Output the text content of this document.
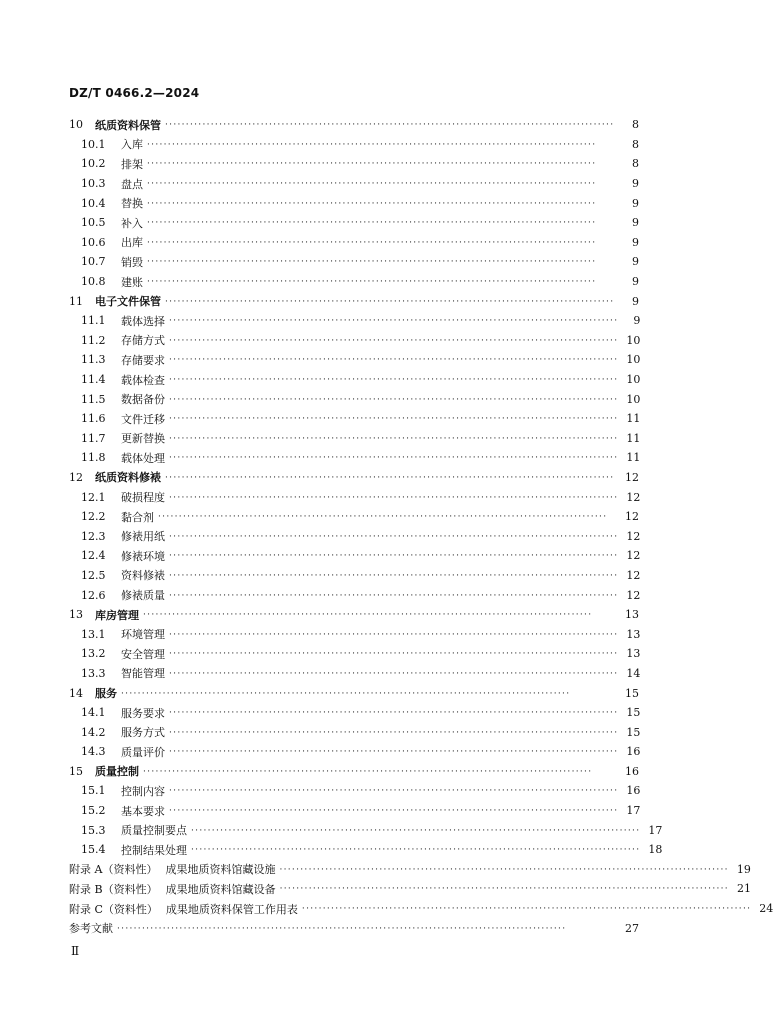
DZ/T 0466.2—2024
10	纸质资料保管 ············································································································	8
10.1	入库 ············································································································	8
10.2	排架 ············································································································	8
10.3	盘点 ············································································································	9
10.4	替换 ············································································································	9
10.5	补入 ············································································································	9
10.6	出库 ············································································································	9
10.7	销毁 ············································································································	9
10.8	建账 ············································································································	9
11	电子文件保管 ············································································································	9
11.1	载体选择 ············································································································	9
11.2	存储方式 ············································································································ 10
11.3	存储要求 ············································································································ 10
11.4	载体检查 ············································································································ 10
11.5	数据备份 ············································································································ 10
11.6	文件迁移 ············································································································ 11
11.7	更新替换 ············································································································ 11
11.8	载体处理 ············································································································ 11
12	纸质资料修裱 ············································································································ 12
12.1	破损程度 ············································································································ 12
12.2	黏合剂 ············································································································	12
12.3	修裱用纸 ············································································································ 12
12.4	修裱环境 ············································································································ 12
12.5	资料修裱 ············································································································ 12
12.6	修裱质量 ············································································································ 12
13	库房管理 ············································································································	13
13.1	环境管理 ············································································································ 13
13.2	安全管理 ············································································································ 13
13.3	智能管理 ············································································································ 14
14	服务 ············································································································	15
14.1	服务要求 ············································································································ 15
14.2	服务方式 ············································································································ 15
14.3	质量评价 ············································································································ 16
15	质量控制 ············································································································	16
15.1	控制内容 ············································································································ 16
15.2	基本要求 ············································································································ 17
15.3	质量控制要点 ············································································································ 17
15.4	控制结果处理 ············································································································ 18
附录 A（资料性） 成果地质资料馆藏设施 ············································································································ 19
附录 B（资料性） 成果地质资料馆藏设备 ············································································································ 21
附录 C（资料性） 成果地质资料保管工作用表 ············································································································ 24
参考文献 ············································································································	27
Ⅱ
